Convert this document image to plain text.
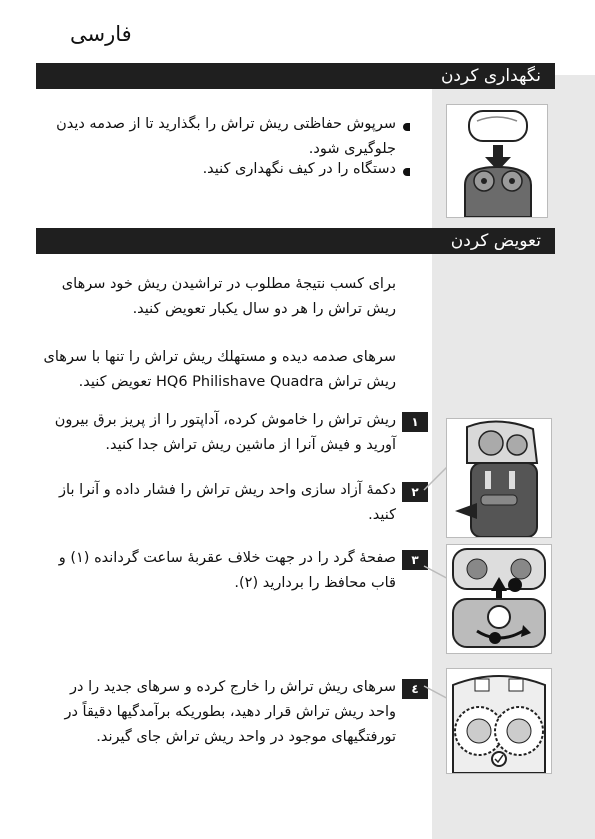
فارسی
نگهداری کردن
سرپوش حفاظتی ریش تراش را بگذارید تا از صدمه دیدن جلوگیری شود.
دستگاه را در کیف نگهداری کنید.
تعویض کردن
برای کسب نتیجهٔ مطلوب در تراشیدن ریش خود سرهای ریش تراش را هر دو سال یکبار تعویض کنید.
سرهای صدمه دیده و مستهلك ریش تراش را تنها با سرهای ریش تراش HQ6 Philishave Quadra تعویض کنید.
١
ریش تراش را خاموش کرده، آداپتور را از پریز برق بیرون آورید و فیش آنرا از ماشین ریش تراش جدا کنید.
٢
دکمهٔ آزاد سازی واحد ریش تراش را فشار داده و آنرا باز کنید.
٣
صفحهٔ گرد را در جهت خلاف عقربهٔ ساعت گردانده (١) و قاب محافظ را بردارید (٢).
٤
سرهای ریش تراش را خارج کرده و سرهای جدید را در واحد ریش تراش قرار دهید، بطوریکه برآمدگیها دقیقاً در تورفتگیهای موجود در واحد ریش تراش جای گیرند.
